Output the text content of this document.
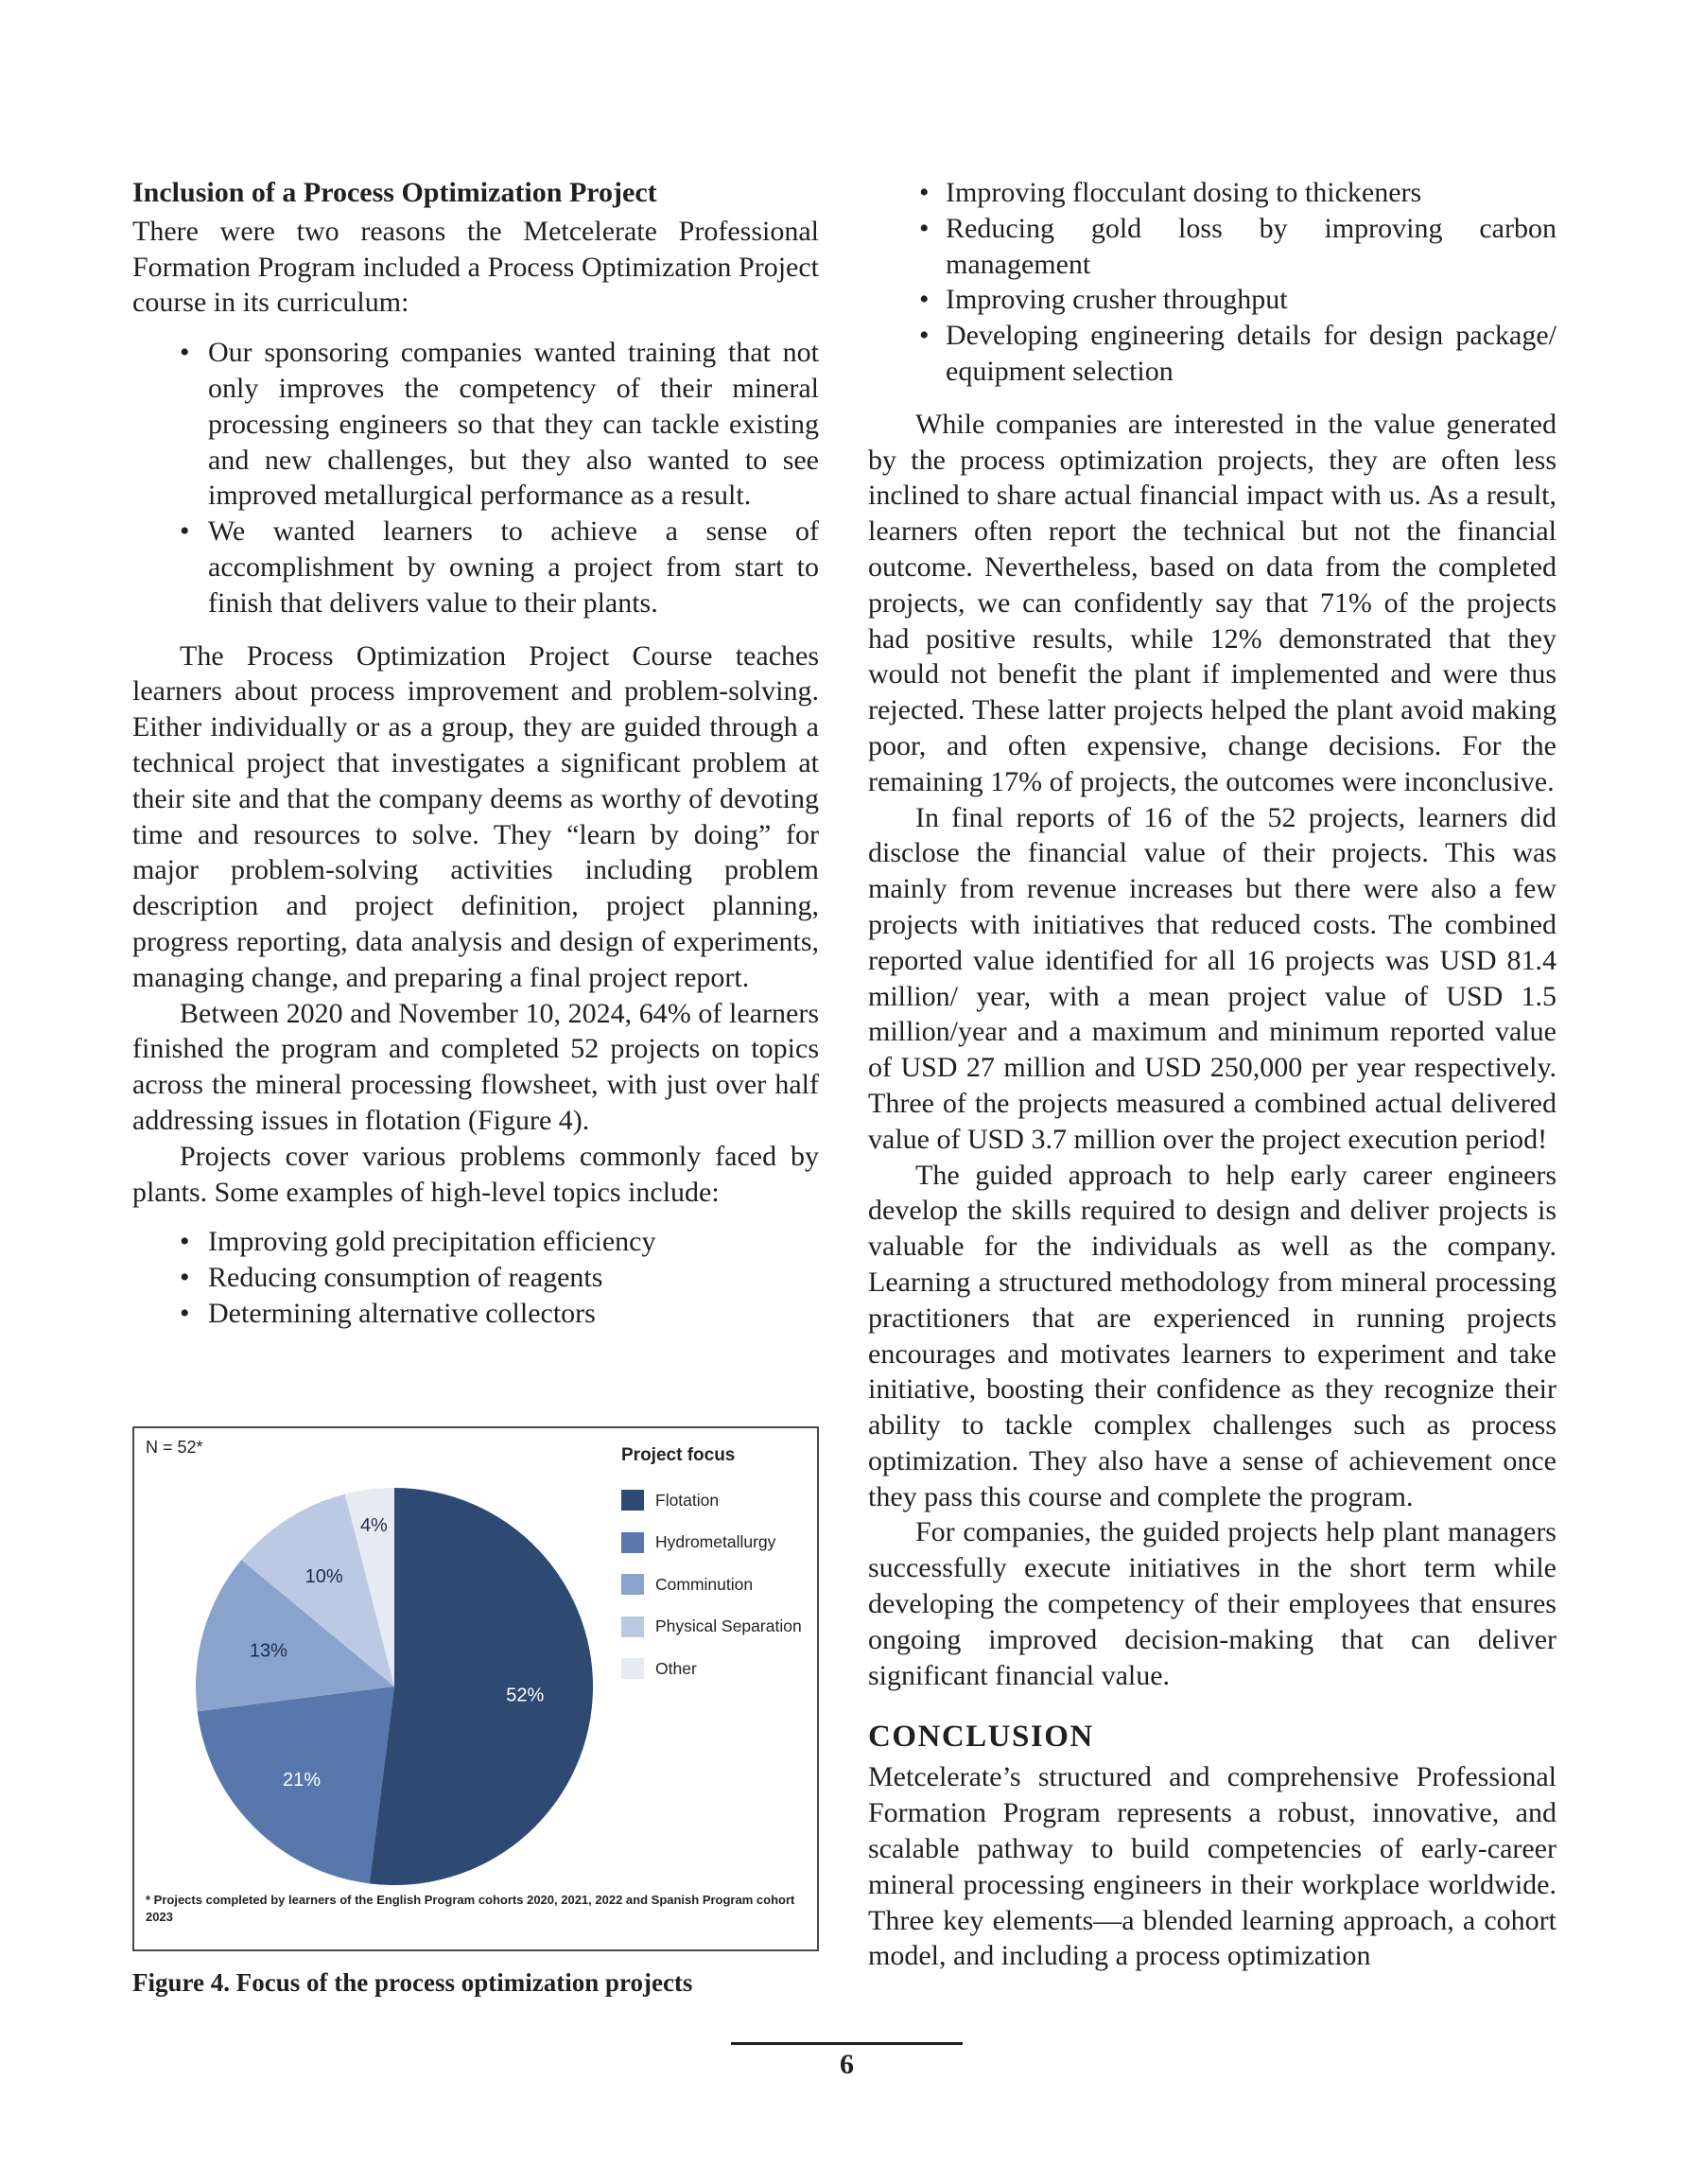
Inclusion of a Process Optimization Project

There were two reasons the Metcelerate Professional Formation Program included a Process Optimization Project course in its curriculum:

• Our sponsoring companies wanted training that not only improves the competency of their mineral processing engineers so that they can tackle existing and new challenges, but they also wanted to see improved metallurgical performance as a result.
• We wanted learners to achieve a sense of accomplishment by owning a project from start to finish that delivers value to their plants.

The Process Optimization Project Course teaches learners about process improvement and problem-solving. Either individually or as a group, they are guided through a technical project that investigates a significant problem at their site and that the company deems as worthy of devoting time and resources to solve. They “learn by doing” for major problem-solving activities including problem description and project definition, project planning, progress reporting, data analysis and design of experiments, managing change, and preparing a final project report.

Between 2020 and November 10, 2024, 64% of learners finished the program and completed 52 projects on topics across the mineral processing flowsheet, with just over half addressing issues in flotation (Figure 4).

Projects cover various problems commonly faced by plants. Some examples of high-level topics include:

• Improving gold precipitation efficiency
• Reducing consumption of reagents
• Determining alternative collectors
• Improving flocculant dosing to thickeners
• Reducing gold loss by improving carbon management
• Improving crusher throughput
• Developing engineering details for design package/ equipment selection

While companies are interested in the value generated by the process optimization projects, they are often less inclined to share actual financial impact with us. As a result, learners often report the technical but not the financial outcome. Nevertheless, based on data from the completed projects, we can confidently say that 71% of the projects had positive results, while 12% demonstrated that they would not benefit the plant if implemented and were thus rejected. These latter projects helped the plant avoid making poor, and often expensive, change decisions. For the remaining 17% of projects, the outcomes were inconclusive.

In final reports of 16 of the 52 projects, learners did disclose the financial value of their projects. This was mainly from revenue increases but there were also a few projects with initiatives that reduced costs. The combined reported value identified for all 16 projects was USD 81.4 million/ year, with a mean project value of USD 1.5 million/year and a maximum and minimum reported value of USD 27 million and USD 250,000 per year respectively. Three of the projects measured a combined actual delivered value of USD 3.7 million over the project execution period!

The guided approach to help early career engineers develop the skills required to design and deliver projects is valuable for the individuals as well as the company. Learning a structured methodology from mineral processing practitioners that are experienced in running projects encourages and motivates learners to experiment and take initiative, boosting their confidence as they recognize their ability to tackle complex challenges such as process optimization. They also have a sense of achievement once they pass this course and complete the program.

For companies, the guided projects help plant managers successfully execute initiatives in the short term while developing the competency of their employees that ensures ongoing improved decision-making that can deliver significant financial value.

CONCLUSION

Metcelerate’s structured and comprehensive Professional Formation Program represents a robust, innovative, and scalable pathway to build competencies of early-career mineral processing engineers in their workplace worldwide. Three key elements—a blended learning approach, a cohort model, and including a process optimization

N = 52*
52%
21%
13%
10%
4%
Project focus
Flotation
Hydrometallurgy
Comminution
Physical Separation
Other
* Projects completed by learners of the English Program cohorts 2020, 2021, 2022 and Spanish Program cohort 2023

Figure 4. Focus of the process optimization projects

6
